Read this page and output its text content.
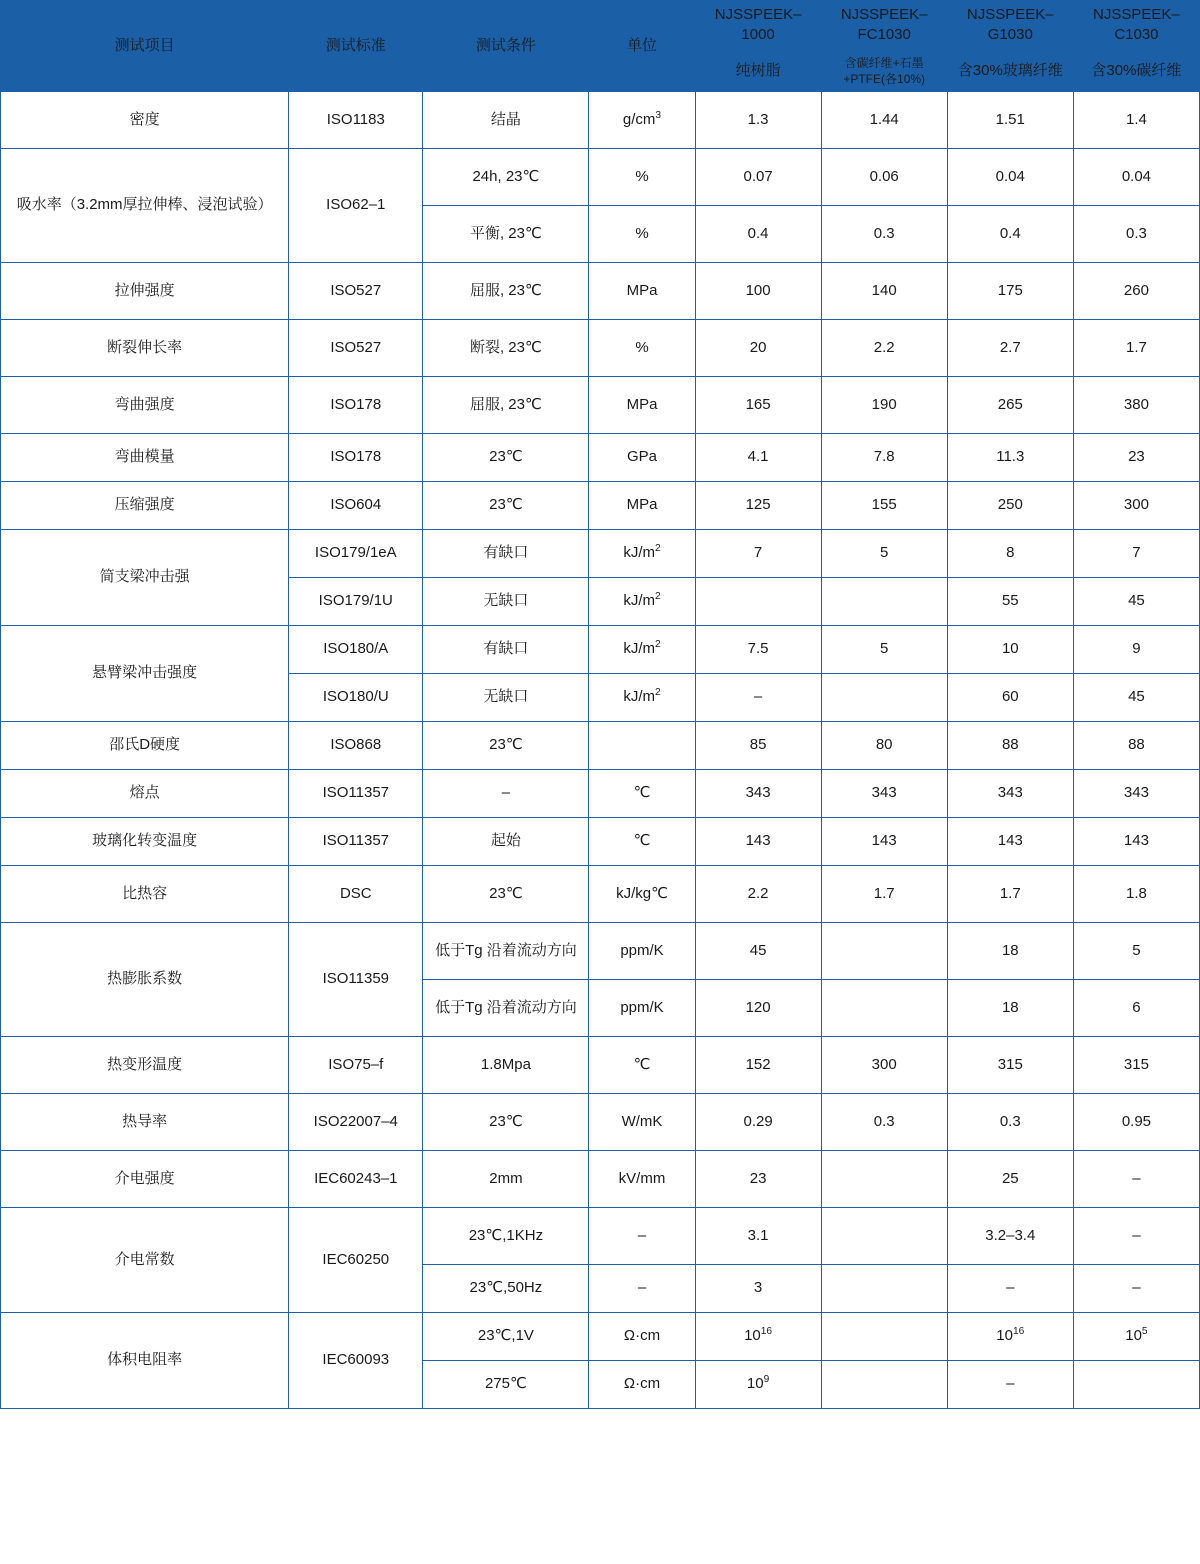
测试项目	测试标准	测试条件	单位	NJSSPEEK–1000	NJSSPEEK–FC1030	NJSSPEEK–G1030	NJSSPEEK–C1030
				纯树脂	含碳纤维+石墨+PTFE(各10%)	含30%玻璃纤维	含30%碳纤维
密度	ISO1183	结晶	$g/cm^3$	1.3	1.44	1.51	1.4
吸水率（3.2mm厚拉伸棒、浸泡试验）	ISO62–1	24h, 23℃	%	0.07	0.06	0.04	0.04
		平衡, 23℃	%	0.4	0.3	0.4	0.3
拉伸强度	ISO527	屈服, 23℃	MPa	100	140	175	260
断裂伸长率	ISO527	断裂, 23℃	%	20	2.2	2.7	1.7
弯曲强度	ISO178	屈服, 23℃	MPa	165	190	265	380
弯曲模量	ISO178	23℃	GPa	4.1	7.8	11.3	23
压缩强度	ISO604	23℃	MPa	125	155	250	300
简支梁冲击强	ISO179/1eA	有缺口	$kJ/m^2$	7	5	8	7
	ISO179/1U	无缺口	$kJ/m^2$			55	45
悬臂梁冲击强度	ISO180/A	有缺口	$kJ/m^2$	7.5	5	10	9
	ISO180/U	无缺口	$kJ/m^2$	–		60	45
邵氏D硬度	ISO868	23℃		85	80	88	88
熔点	ISO11357	–	℃	343	343	343	343
玻璃化转变温度	ISO11357	起始	℃	143	143	143	143
比热容	DSC	23℃	kJ/kg℃	2.2	1.7	1.7	1.8
热膨胀系数	ISO11359	低于Tg 沿着流动方向	ppm/K	45		18	5
		低于Tg 沿着流动方向	ppm/K	120		18	6
热变形温度	ISO75–f	1.8Mpa	℃	152	300	315	315
热导率	ISO22007–4	23℃	W/mK	0.29	0.3	0.3	0.95
介电强度	IEC60243–1	2mm	kV/mm	23		25	–
介电常数	IEC60250	23℃,1KHz	–	3.1		3.2–3.4	–
		23℃,50Hz	–	3		–	–
体积电阻率	IEC60093	23℃,1V	Ω·cm	$10^{16}$		$10^{16}$	$10^5$
		275℃	Ω·cm	$10^9$		–	
